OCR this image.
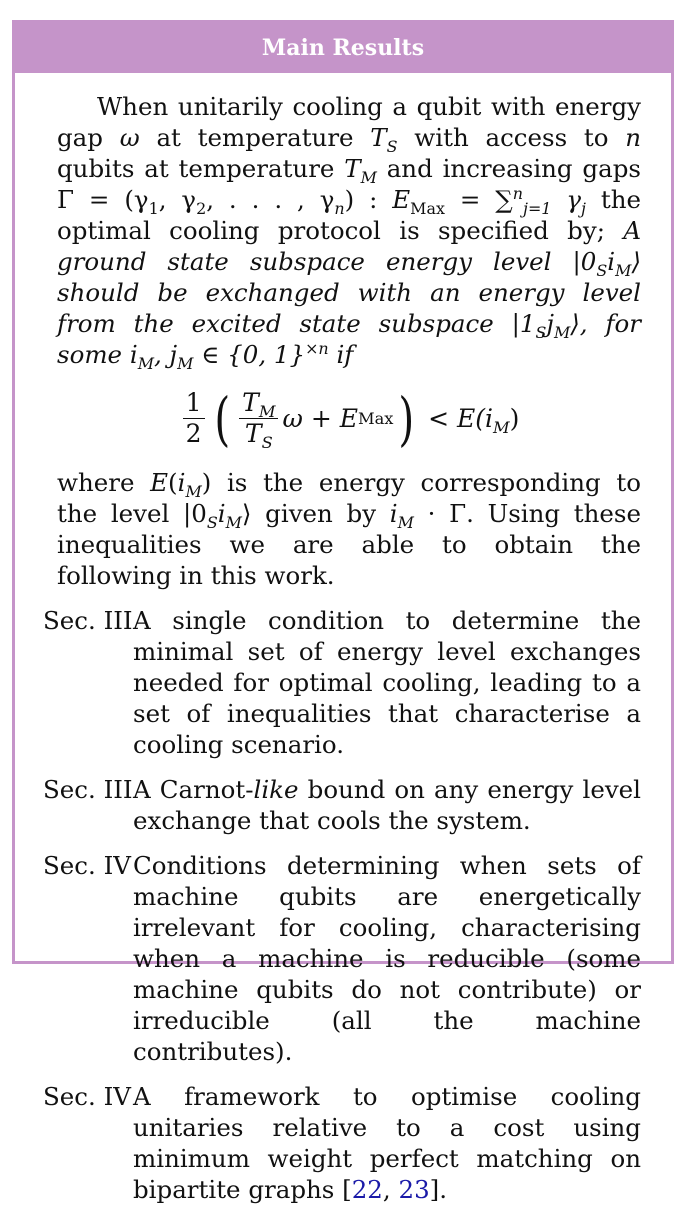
Main Results

When unitarily cooling a qubit with energy gap ω at temperature $T_S$ with access to n qubits at temperature $T_M$ and increasing gaps $\Gamma = (\gamma_1$, $\gamma_2$, . . . , $\gamma_n$) : $E_{Max} = \sum^n_{j=1}$ $\gamma_j$ the optimal cooling protocol is specified by; A ground state subspace energy level $|0_Si_M⟩$ should be exchanged with an energy level from the excited state subspace $|1_Sj_M⟩$, for some $i_M$, $j_M$ ∈ {0, 1}$^{\times n}$ if

$\frac{1}{2}$ ( $\frac{T_M}{T_S}$ ω + E Max ) < $E(i_M)$

where $E(i_M)$ is the energy corresponding to the level $|0_Si_M⟩$ given by $i_M \cdot \Gamma$. Using these inequalities we are able to obtain the following in this work.

Sec. III A single condition to determine the minimal set of energy level exchanges needed for optimal cooling, leading to a set of inequalities that characterise a cooling scenario.
Sec. III A Carnot-like bound on any energy level exchange that cools the system.
Sec. IV Conditions determining when sets of machine qubits are energetically irrelevant for cooling, characterising when a machine is reducible (some machine qubits do not contribute) or irreducible (all the machine contributes).
Sec. IV A framework to optimise cooling unitaries relative to a cost using minimum weight perfect matching on bipartite graphs [22, 23].
